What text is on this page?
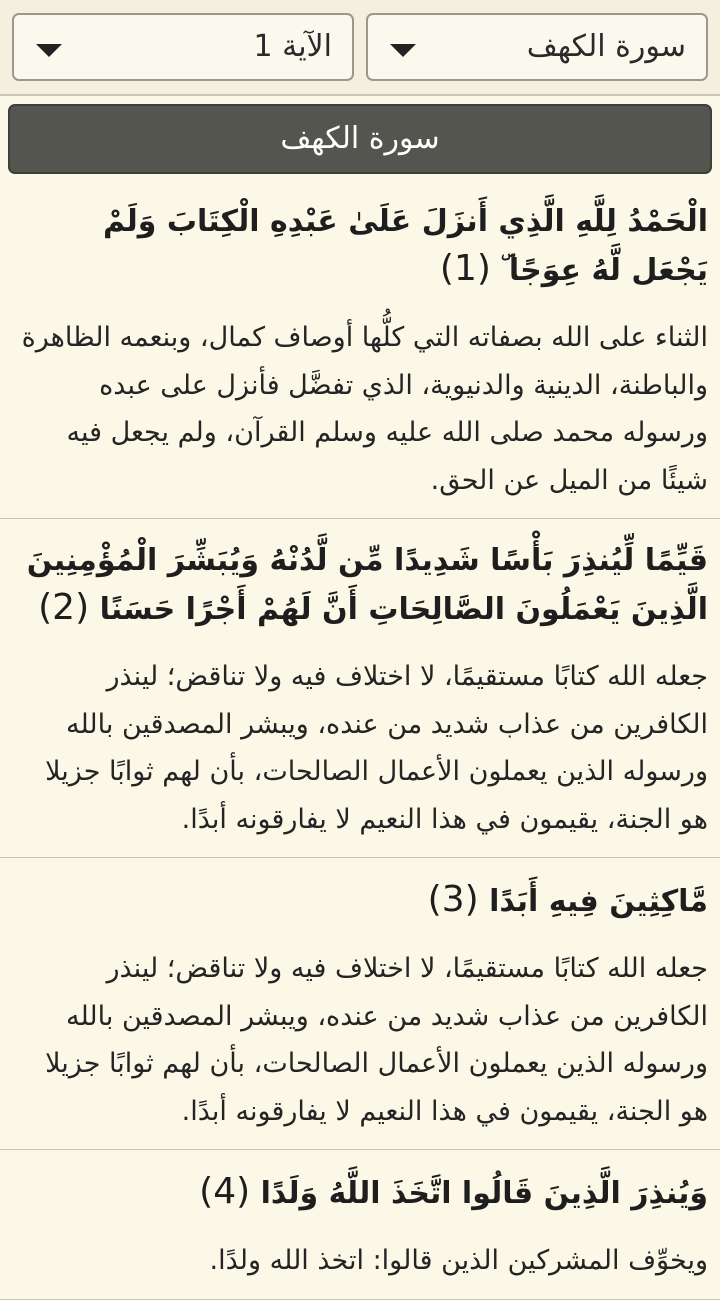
الآية 1	سورة الكهف
سورة الكهف
الْحَمْدُ لِلَّهِ الَّذِي أَنزَلَ عَلَىٰ عَبْدِهِ الْكِتَابَ وَلَمْ يَجْعَل لَّهُ عِوَجًا ۜ (1)
الثناء على الله بصفاته التي كلُّها أوصاف كمال، وبنعمه الظاهرة والباطنة، الدينية والدنيوية، الذي تفضَّل فأنزل على عبده ورسوله محمد صلى الله عليه وسلم القرآن، ولم يجعل فيه شيئًا من الميل عن الحق.
قَيِّمًا لِّيُنذِرَ بَأْسًا شَدِيدًا مِّن لَّدُنْهُ وَيُبَشِّرَ الْمُؤْمِنِينَ الَّذِينَ يَعْمَلُونَ الصَّالِحَاتِ أَنَّ لَهُمْ أَجْرًا حَسَنًا (2)
جعله الله كتابًا مستقيمًا، لا اختلاف فيه ولا تناقض؛ لينذر الكافرين من عذاب شديد من عنده، ويبشر المصدقين بالله ورسوله الذين يعملون الأعمال الصالحات، بأن لهم ثوابًا جزيلا هو الجنة، يقيمون في هذا النعيم لا يفارقونه أبدًا.
مَّاكِثِينَ فِيهِ أَبَدًا (3)
جعله الله كتابًا مستقيمًا، لا اختلاف فيه ولا تناقض؛ لينذر الكافرين من عذاب شديد من عنده، ويبشر المصدقين بالله ورسوله الذين يعملون الأعمال الصالحات، بأن لهم ثوابًا جزيلا هو الجنة، يقيمون في هذا النعيم لا يفارقونه أبدًا.
وَيُنذِرَ الَّذِينَ قَالُوا اتَّخَذَ اللَّهُ وَلَدًا (4)
ويخوِّف المشركين الذين قالوا: اتخذ الله ولدًا.
